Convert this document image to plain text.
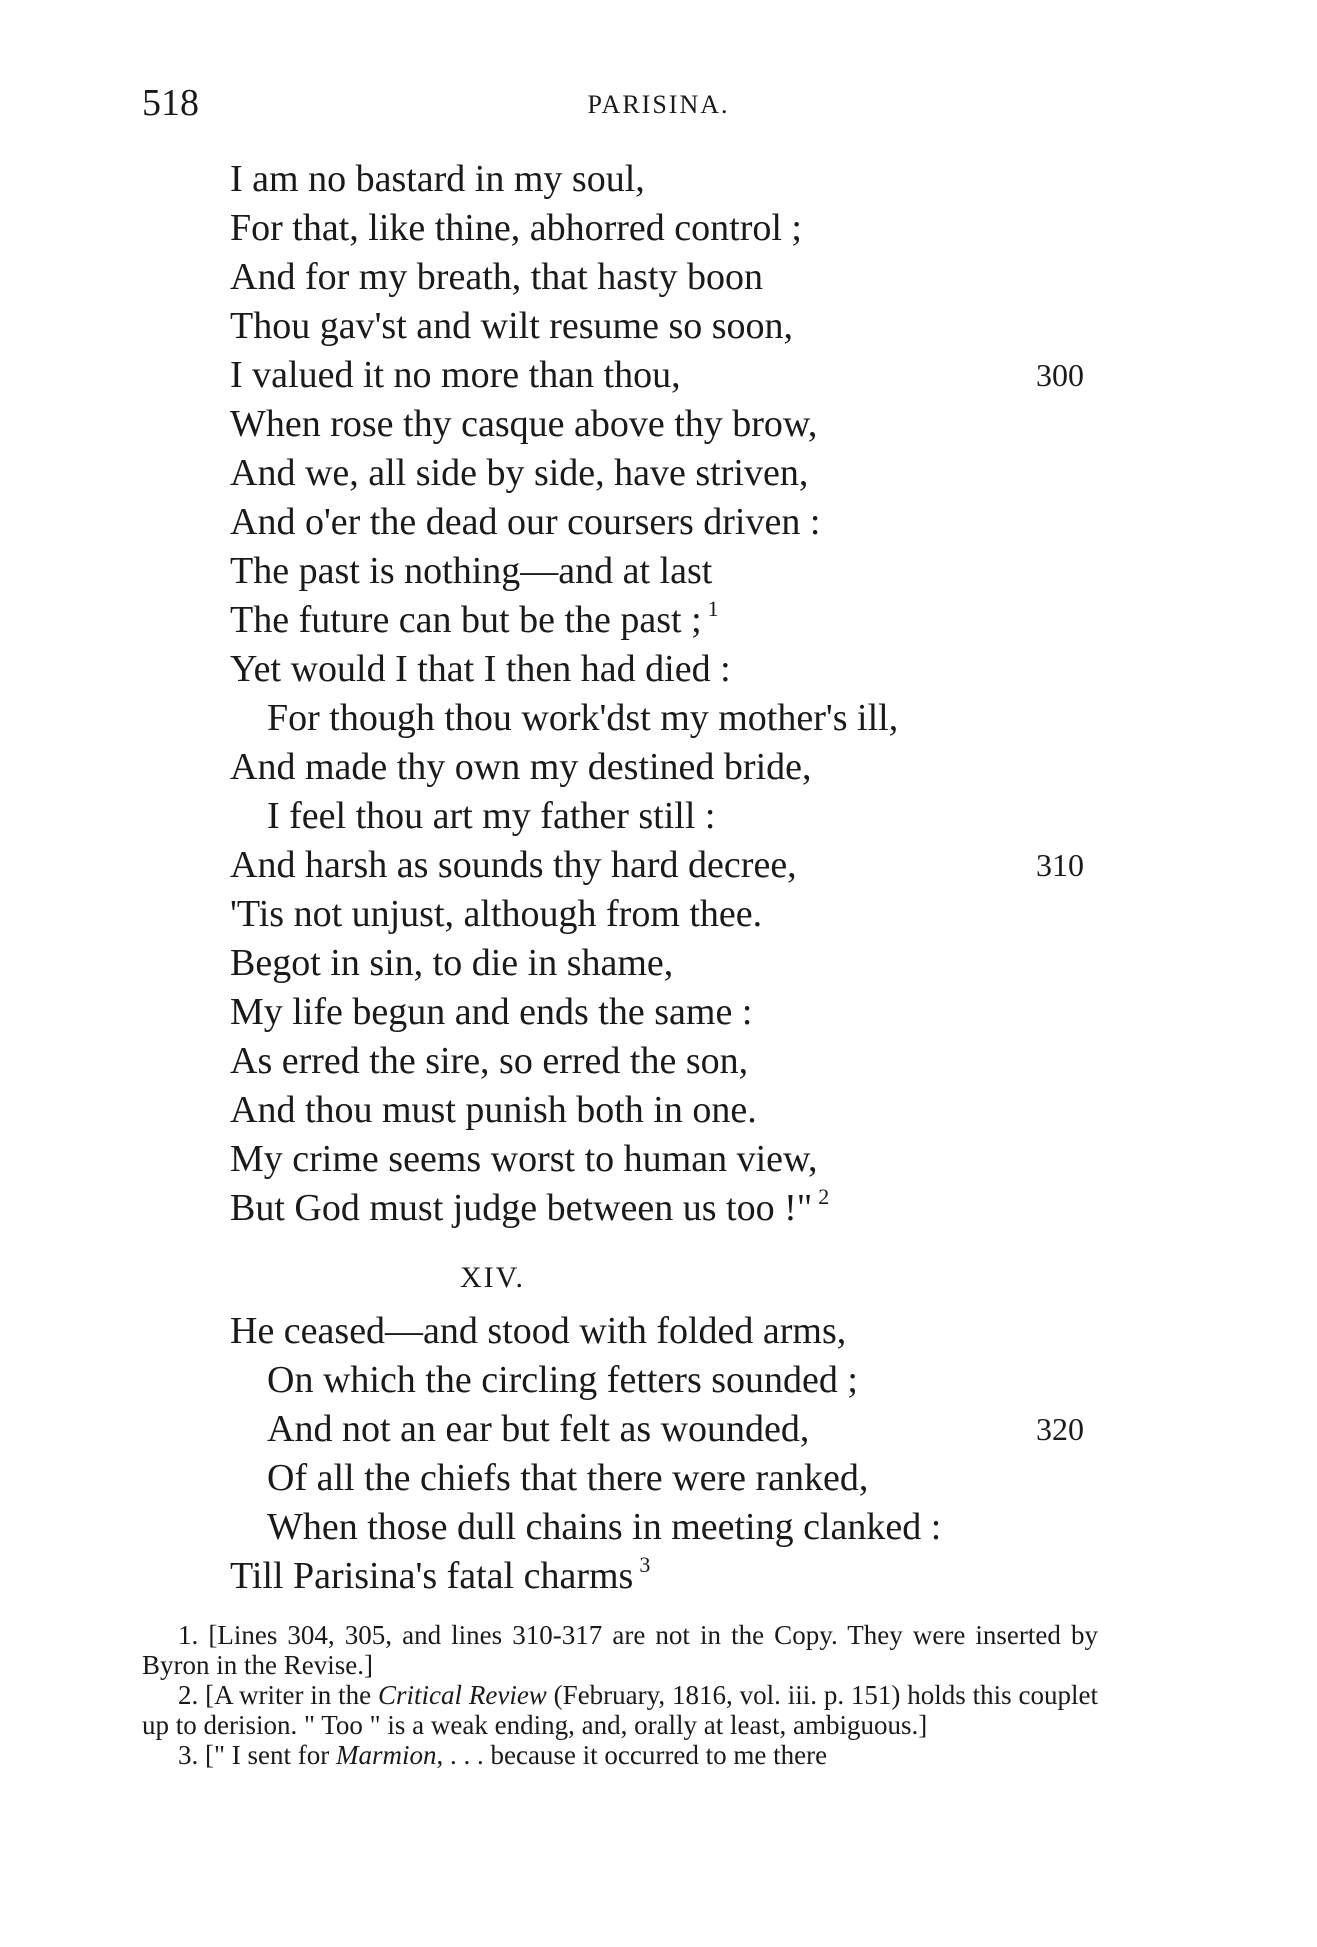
518	PARISINA.
I am no bastard in my soul,
For that, like thine, abhorred control ;
And for my breath, that hasty boon
Thou gav'st and wilt resume so soon,
I valued it no more than thou,	300
When rose thy casque above thy brow,
And we, all side by side, have striven,
And o'er the dead our coursers driven :
The past is nothing—and at last
The future can but be the past ; $^1$
Yet would I that I then had died :
For though thou work'dst my mother's ill,
And made thy own my destined bride,
I feel thou art my father still :
And harsh as sounds thy hard decree,	310
'Tis not unjust, although from thee.
Begot in sin, to die in shame,
My life begun and ends the same :
As erred the sire, so erred the son,
And thou must punish both in one.
My crime seems worst to human view,
But God must judge between us too !" $^2$
XIV.
He ceased—and stood with folded arms,
On which the circling fetters sounded ;
And not an ear but felt as wounded,	320
Of all the chiefs that there were ranked,
When those dull chains in meeting clanked :
Till Parisina's fatal charms $^3$

1. [Lines 304, 305, and lines 310-317 are not in the Copy. They were inserted by Byron in the Revise.]

2. [A writer in the Critical Review (February, 1816, vol. iii. p. 151) holds this couplet up to derision. " Too " is a weak ending, and, orally at least, ambiguous.]

3. [" I sent for Marmion, . . . because it occurred to me there
